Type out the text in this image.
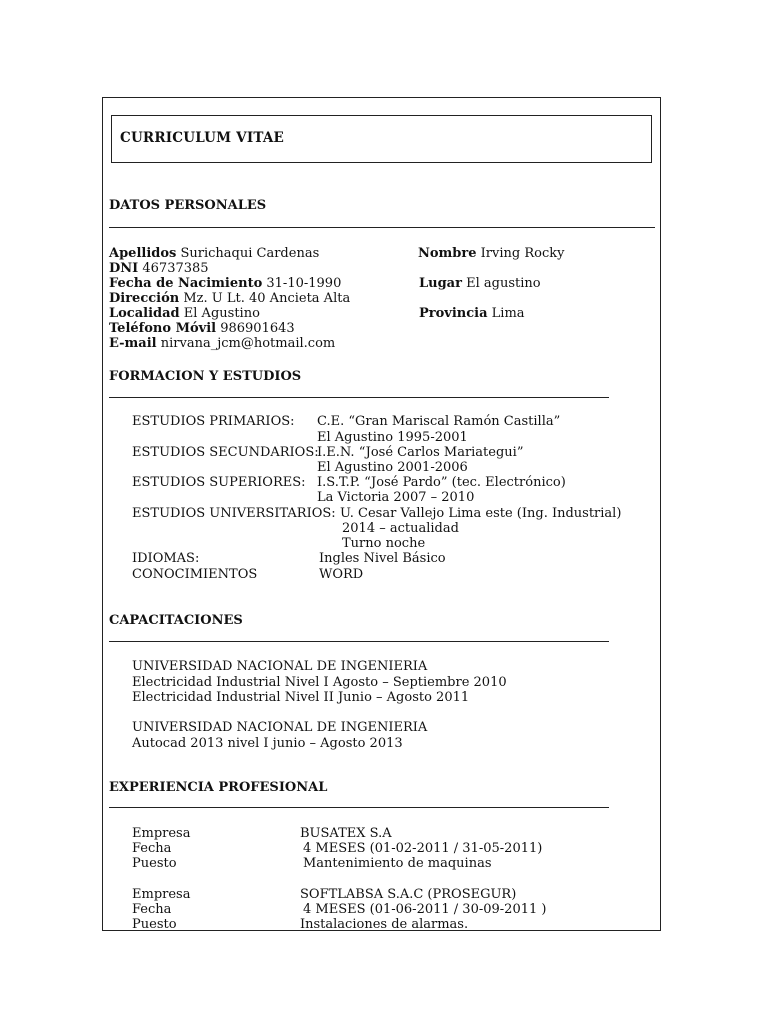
CURRICULUM VITAE
DATOS PERSONALES
Apellidos Surichaqui Cardenas
DNI 46737385
Fecha de Nacimiento 31-10-1990
Dirección Mz. U Lt. 40 Ancieta Alta
Localidad El Agustino
Teléfono Móvil 986901643
E-mail nirvana_jcm@hotmail.com
Nombre Irving Rocky
Lugar El agustino
Provincia Lima
FORMACION Y ESTUDIOS
ESTUDIOS PRIMARIOS: C.E. “Gran Mariscal Ramón Castilla”
El Agustino 1995-2001
ESTUDIOS SECUNDARIOS:
I.E.N. “José Carlos Mariategui”
El Agustino 2001-2006
ESTUDIOS SUPERIORES: I.S.T.P. “José Pardo” (tec. Electrónico)
La Victoria 2007 – 2010
ESTUDIOS UNIVERSITARIOS: U. Cesar Vallejo Lima este (Ing. Industrial)
2014 – actualidad
Turno noche
IDIOMAS:	Ingles Nivel Básico
CONOCIMIENTOS	WORD
CAPACITACIONES
UNIVERSIDAD NACIONAL DE INGENIERIA
Electricidad Industrial Nivel I Agosto – Septiembre 2010
Electricidad Industrial Nivel II Junio – Agosto 2011
UNIVERSIDAD NACIONAL DE INGENIERIA
Autocad 2013 nivel I junio – Agosto 2013
EXPERIENCIA PROFESIONAL
Empresa	BUSATEX S.A
Fecha	4 MESES (01-02-2011 / 31-05-2011)
Puesto	Mantenimiento de maquinas
Empresa	SOFTLABSA S.A.C (PROSEGUR)
Fecha	4 MESES (01-06-2011 / 30-09-2011 )
Puesto	Instalaciones de alarmas.
